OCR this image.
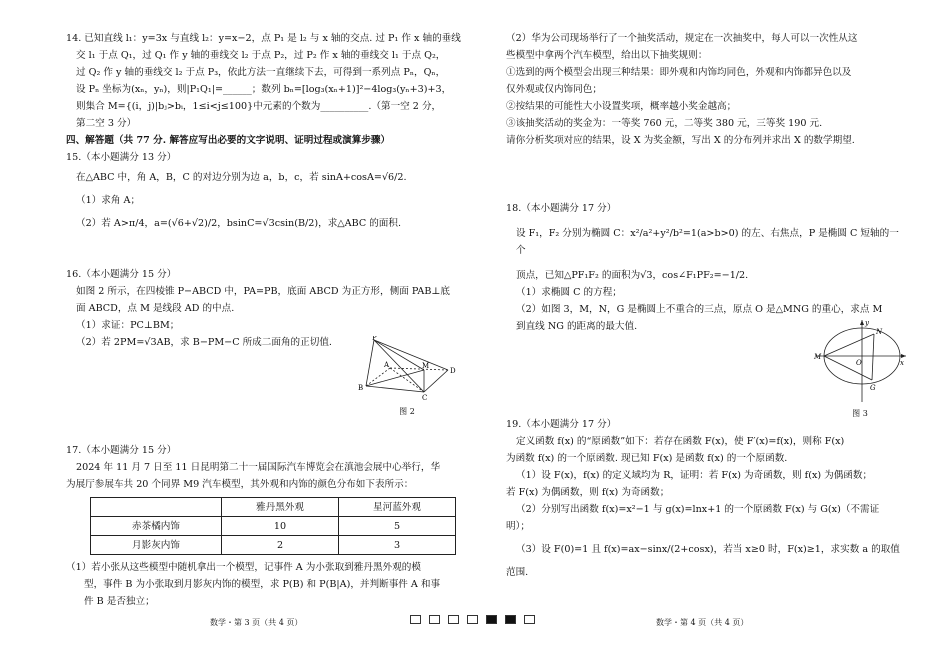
14. 已知直线 l₁：y=3x 与直线 l₂：y=x−2，点 P₁ 是 l₂ 与 x 轴的交点. 过 P₁ 作 x 轴的垂线

交 l₁ 于点 Q₁，过 Q₁ 作 y 轴的垂线交 l₂ 于点 P₂，过 P₂ 作 x 轴的垂线交 l₁ 于点 Q₂，

过 Q₂ 作 y 轴的垂线交 l₂ 于点 P₃，依此方法一直继续下去，可得到一系列点 Pₙ，Qₙ，

设 Pₙ 坐标为(xₙ，yₙ)，则|P₁Q₁|=______；数列 bₙ=[log₃(xₙ+1)]²−4log₃(yₙ+3)+3，

则集合 M={(i，j)|bⱼ>bᵢ，1≤i<j≤100}中元素的个数为__________.（第一空 2 分，

第二空 3 分）

四、解答题（共 77 分. 解答应写出必要的文字说明、证明过程或演算步骤）

15.（本小题满分 13 分）

在△ABC 中，角 A，B，C 的对边分别为边 a，b，c，若 sinA+cosA=√6/2.

（1）求角 A；

（2）若 A>π/4，a=(√6+√2)/2，bsinC=√3csin(B/2)，求△ABC 的面积.

16.（本小题满分 15 分）

如图 2 所示，在四棱锥 P−ABCD 中，PA=PB，底面 ABCD 为正方形，侧面 PAB⊥底

面 ABCD，点 M 是线段 AD 的中点.

（1）求证：PC⊥BM；

（2）若 2PM=√3AB，求 B−PM−C 所成二面角的正切值.	P
A	M
D
B
C
图 2

17.（本小题满分 15 分）

2024 年 11 月 7 日至 11 日昆明第二十一届国际汽车博览会在滇池会展中心举行，华

为展厅参展车共 20 个同界 M9 汽车模型，其外观和内饰的颜色分布如下表所示：

	雅丹黑外观	星河蓝外观
赤茶橘内饰	10	5
月影灰内饰	2	3

（1）若小张从这些模型中随机拿出一个模型，记事件 A 为小张取到雅丹黑外观的模

型，事件 B 为小张取到月影灰内饰的模型，求 P(B) 和 P(B|A)，并判断事件 A 和事

件 B 是否独立；

（2）华为公司现场举行了一个抽奖活动，规定在一次抽奖中，每人可以一次性从这

些模型中拿两个汽车模型，给出以下抽奖规则：

①选到的两个模型会出现三种结果：即外观和内饰均同色，外观和内饰都异色以及

仅外观或仅内饰同色；

②按结果的可能性大小设置奖项，概率越小奖金越高；

③该抽奖活动的奖金为：一等奖 760 元，二等奖 380 元，三等奖 190 元.

请你分析奖项对应的结果，设 X 为奖金额，写出 X 的分布列并求出 X 的数学期望.

18.（本小题满分 17 分）

设 F₁，F₂ 分别为椭圆 C：x²/a²+y²/b²=1(a>b>0) 的左、右焦点，P 是椭圆 C 短轴的一个

顶点，已知△PF₁F₂ 的面积为√3，cos∠F₁PF₂=−1/2.

（1）求椭圆 C 的方程；

（2）如图 3，M，N，G 是椭圆上不重合的三点，原点 O 是△MNG 的重心，求点 M

到直线 NG 的距离的最大值.	y
N
M
O	x
G
图 3

19.（本小题满分 17 分）

定义函数 f(x) 的“原函数”如下：若存在函数 F(x)，使 F′(x)=f(x)，则称 F(x)

为函数 f(x) 的一个原函数. 现已知 F(x) 是函数 f(x) 的一个原函数.

（1）设 F(x)，f(x) 的定义域均为 R，证明：若 F(x) 为奇函数，则 f(x) 为偶函数；

若 F(x) 为偶函数，则 f(x) 为奇函数；

（2）分别写出函数 f(x)=x²−1 与 g(x)=lnx+1 的一个原函数 F(x) 与 G(x)（不需证

明）；

（3）设 F(0)=1 且 f(x)=ax−sinx/(2+cosx)，若当 x≥0 时，F(x)≥1，求实数 a 的取值

范围.

数学・第 3 页（共 4 页）	数学・第 4 页（共 4 页）
